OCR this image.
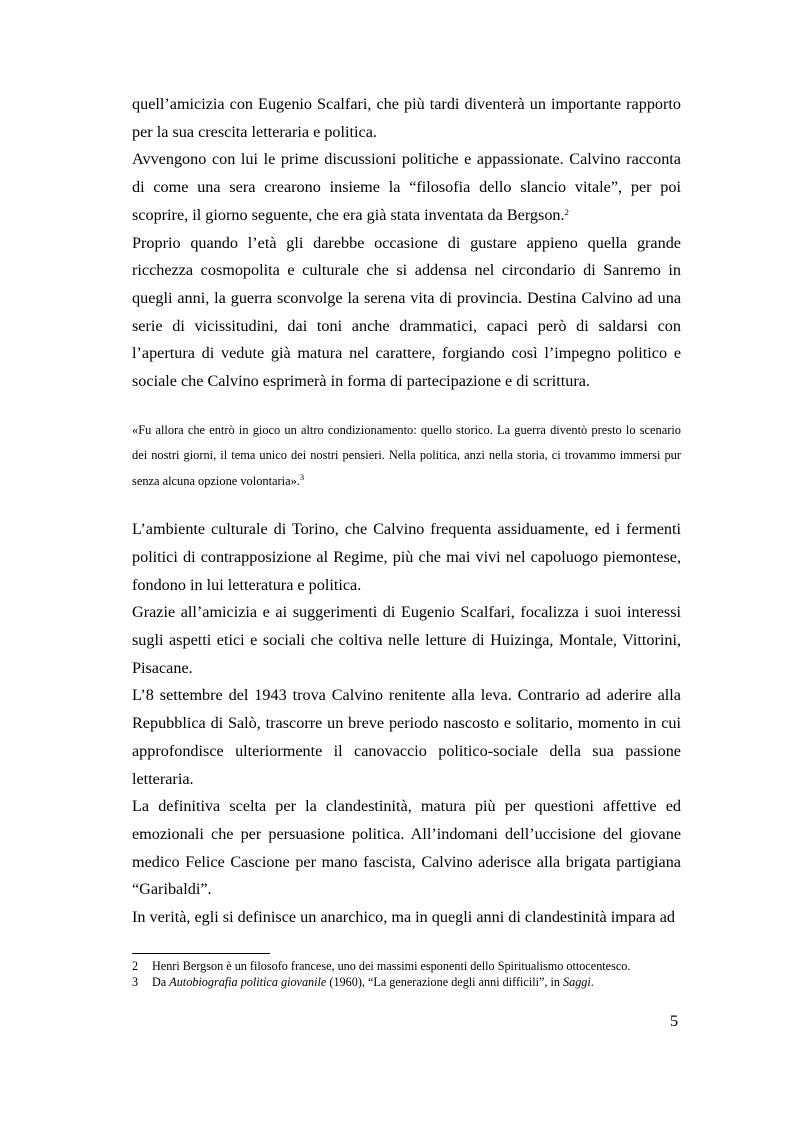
quell’amicizia con Eugenio Scalfari, che più tardi diventerà un importante rapporto per la sua crescita letteraria e politica.

Avvengono con lui le prime discussioni politiche e appassionate. Calvino racconta di come una sera crearono insieme la “filosofia dello slancio vitale”, per poi scoprire, il giorno seguente, che era già stata inventata da Bergson.$^2$

Proprio quando l’età gli darebbe occasione di gustare appieno quella grande ricchezza cosmopolita e culturale che si addensa nel circondario di Sanremo in quegli anni, la guerra sconvolge la serena vita di provincia. Destina Calvino ad una serie di vicissitudini, dai toni anche drammatici, capaci però di saldarsi con l’apertura di vedute già matura nel carattere, forgiando così l’impegno politico e sociale che Calvino esprimerà in forma di partecipazione e di scrittura.

«Fu allora che entrò in gioco un altro condizionamento: quello storico. La guerra diventò presto lo scenario dei nostri giorni, il tema unico dei nostri pensieri. Nella politica, anzi nella storia, ci trovammo immersi pur senza alcuna opzione volontaria».$^3$

L’ambiente culturale di Torino, che Calvino frequenta assiduamente, ed i fermenti politici di contrapposizione al Regime, più che mai vivi nel capoluogo piemontese, fondono in lui letteratura e politica.

Grazie all’amicizia e ai suggerimenti di Eugenio Scalfari, focalizza i suoi interessi sugli aspetti etici e sociali che coltiva nelle letture di Huizinga, Montale, Vittorini, Pisacane.

L’8 settembre del 1943 trova Calvino renitente alla leva. Contrario ad aderire alla Repubblica di Salò, trascorre un breve periodo nascosto e solitario, momento in cui approfondisce ulteriormente il canovaccio politico-sociale della sua passione letteraria.

La definitiva scelta per la clandestinità, matura più per questioni affettive ed emozionali che per persuasione politica. All’indomani dell’uccisione del giovane medico Felice Cascione per mano fascista, Calvino aderisce alla brigata partigiana “Garibaldi”.

In verità, egli si definisce un anarchico, ma in quegli anni di clandestinità impara ad

2	Henri Bergson è un filosofo francese, uno dei massimi esponenti dello Spiritualismo ottocentesco.
3	Da Autobiografia politica giovanile (1960), “La generazione degli anni difficili”, in Saggi.
5
